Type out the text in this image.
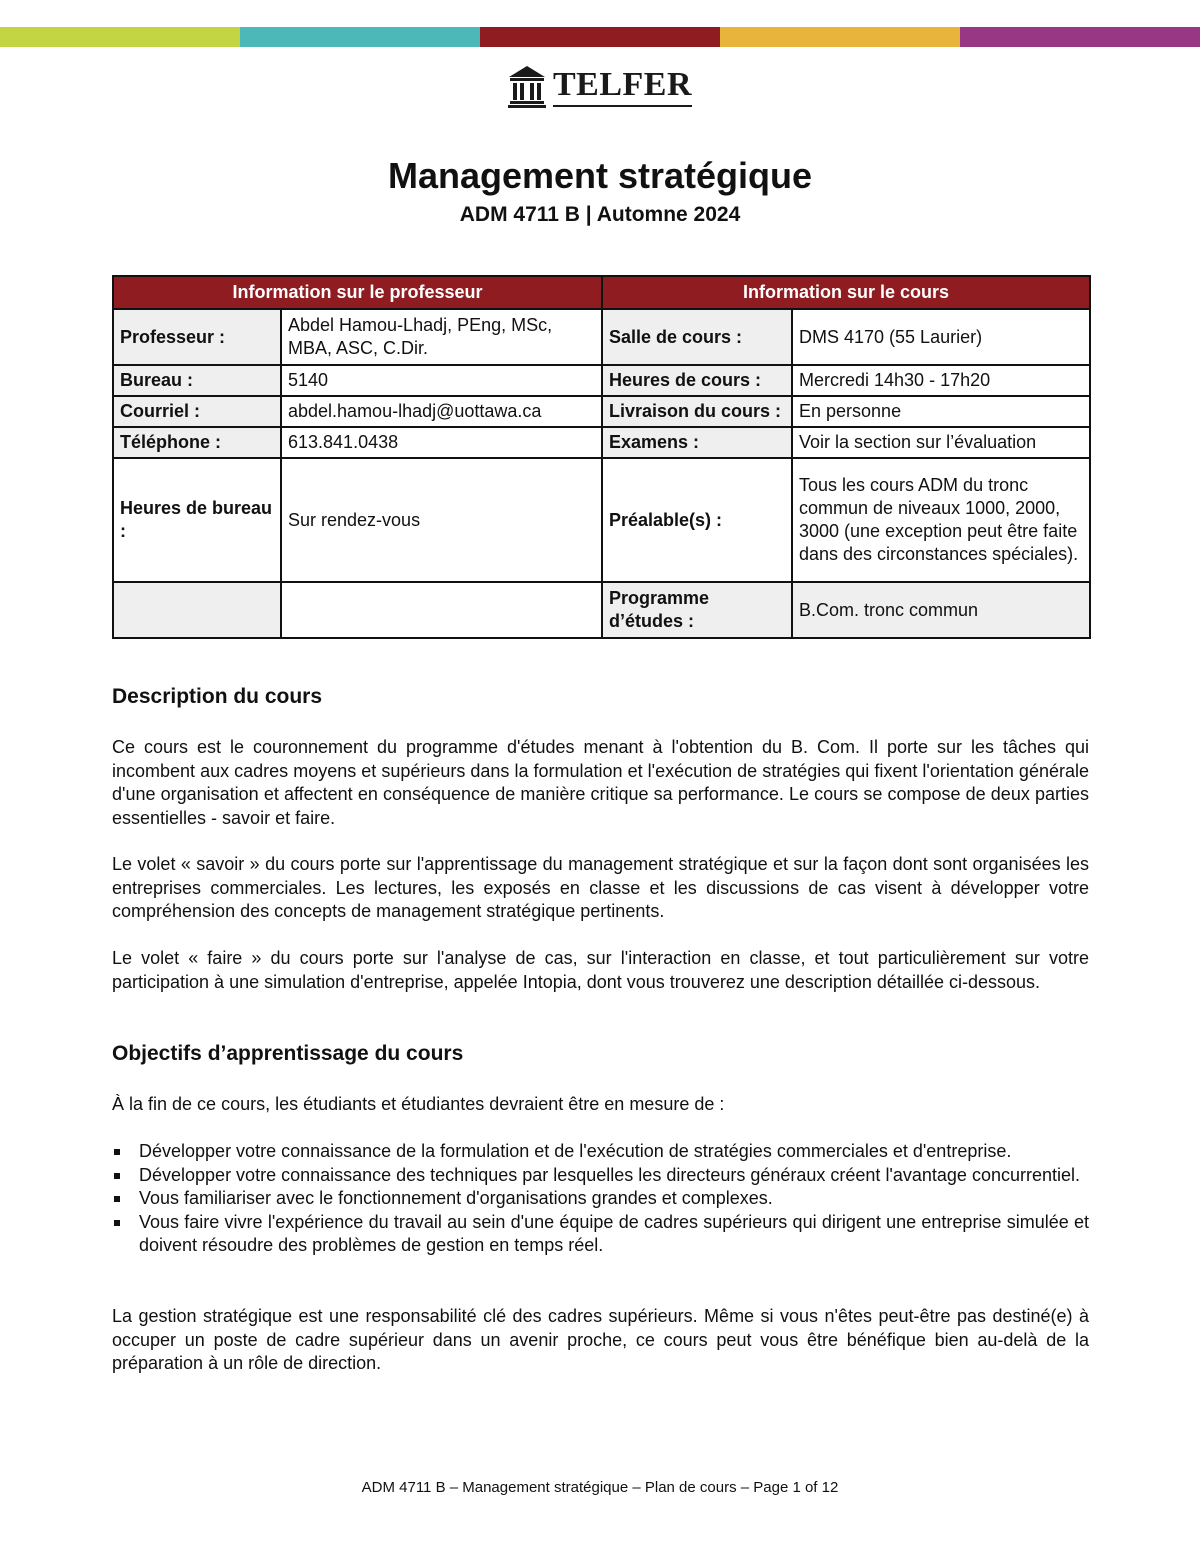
TELFER
Management stratégique
ADM 4711 B | Automne 2024
Information sur le professeur		Information sur le cours	
Professeur :	Abdel Hamou-Lhadj, PEng, MSc, MBA, ASC, C.Dir.	Salle de cours :	DMS 4170 (55 Laurier)
Bureau :	5140	Heures de cours :	Mercredi 14h30 - 17h20
Courriel :	abdel.hamou-lhadj@uottawa.ca	Livraison du cours :	En personne
Téléphone :	613.841.0438	Examens :	Voir la section sur l’évaluation
Heures de bureau :	Sur rendez-vous	Préalable(s) :	Tous les cours ADM du tronc commun de niveaux 1000, 2000, 3000 (une exception peut être faite dans des circonstances spéciales).
		Programme d’études :	B.Com. tronc commun
Description du cours
Ce cours est le couronnement du programme d'études menant à l'obtention du B. Com. Il porte sur les tâches qui incombent aux cadres moyens et supérieurs dans la formulation et l'exécution de stratégies qui fixent l'orientation générale d'une organisation et affectent en conséquence de manière critique sa performance. Le cours se compose de deux parties essentielles - savoir et faire.
Le volet « savoir » du cours porte sur l'apprentissage du management stratégique et sur la façon dont sont organisées les entreprises commerciales. Les lectures, les exposés en classe et les discussions de cas visent à développer votre compréhension des concepts de management stratégique pertinents.
Le volet « faire » du cours porte sur l'analyse de cas, sur l'interaction en classe, et tout particulièrement sur votre participation à une simulation d'entreprise, appelée Intopia, dont vous trouverez une description détaillée ci-dessous.
Objectifs d’apprentissage du cours
À la fin de ce cours, les étudiants et étudiantes devraient être en mesure de :
Développer votre connaissance de la formulation et de l'exécution de stratégies commerciales et d'entreprise.
Développer votre connaissance des techniques par lesquelles les directeurs généraux créent l'avantage concurrentiel.
Vous familiariser avec le fonctionnement d'organisations grandes et complexes.
Vous faire vivre l'expérience du travail au sein d'une équipe de cadres supérieurs qui dirigent une entreprise simulée et doivent résoudre des problèmes de gestion en temps réel.
La gestion stratégique est une responsabilité clé des cadres supérieurs. Même si vous n'êtes peut-être pas destiné(e) à occuper un poste de cadre supérieur dans un avenir proche, ce cours peut vous être bénéfique bien au-delà de la préparation à un rôle de direction.
ADM 4711 B – Management stratégique – Plan de cours – Page 1 of 12
